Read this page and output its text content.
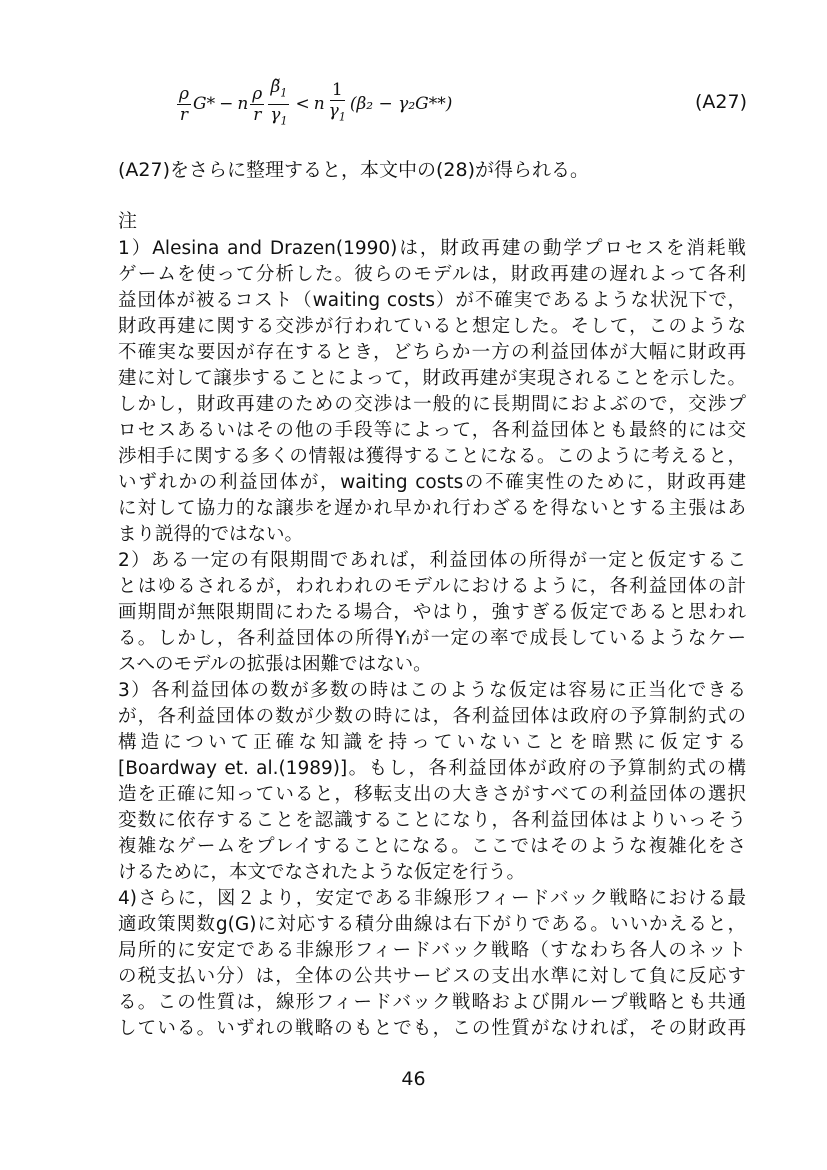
$\frac{\rho}{r} G* - n \frac{\rho}{r} \frac{\betã_1}{\gamma_1} < n \frac{1}{\gamma_1} (\beta_2 - \gamma_2G**)$	(A27)
(A27)をさらに整理すると，本文中の(28)が得られる。
注
1）Alesina and Drazen(1990)は，財政再建の動学プロセスを消耗戦
ゲームを使って分析した。彼らのモデルは，財政再建の遅れよって各利
益団体が被るコスト（waiting costs）が不確実であるような状況下で，
財政再建に関する交渉が行われていると想定した。そして，このような
不確実な要因が存在するとき，どちらか一方の利益団体が大幅に財政再
建に対して譲歩することによって，財政再建が実現されることを示した。
しかし，財政再建のための交渉は一般的に長期間におよぶので，交渉プ
ロセスあるいはその他の手段等によって，各利益団体とも最終的には交
渉相手に関する多くの情報は獲得することになる。このように考えると，
いずれかの利益団体が，waiting costsの不確実性のために，財政再建
に対して協力的な譲歩を遅かれ早かれ行わざるを得ないとする主張はあ
まり説得的ではない。
2）ある一定の有限期間であれば，利益団体の所得が一定と仮定するこ
とはゆるされるが，われわれのモデルにおけるように，各利益団体の計
画期間が無限期間にわたる場合，やはり，強すぎる仮定であると思われ
る。しかし，各利益団体の所得Yᵢが一定の率で成長しているようなケー
スへのモデルの拡張は困難ではない。
3）各利益団体の数が多数の時はこのような仮定は容易に正当化できる
が，各利益団体の数が少数の時には，各利益団体は政府の予算制約式の
構造について正確な知識を持っていないことを暗黙に仮定する
[Boardway et. al.(1989)]。もし，各利益団体が政府の予算制約式の構
造を正確に知っていると，移転支出の大きさがすべての利益団体の選択
変数に依存することを認識することになり，各利益団体はよりいっそう
複雑なゲームをプレイすることになる。ここではそのような複雑化をさ
けるために，本文でなされたような仮定を行う。
4)さらに，図２より，安定である非線形フィードバック戦略における最
適政策関数g(G)に対応する積分曲線は右下がりである。いいかえると，
局所的に安定である非線形フィードバック戦略（すなわち各人のネット
の税支払い分）は，全体の公共サービスの支出水準に対して負に反応す
る。この性質は，線形フィードバック戦略および開ループ戦略とも共通
している。いずれの戦略のもとでも，この性質がなければ，その財政再
46
